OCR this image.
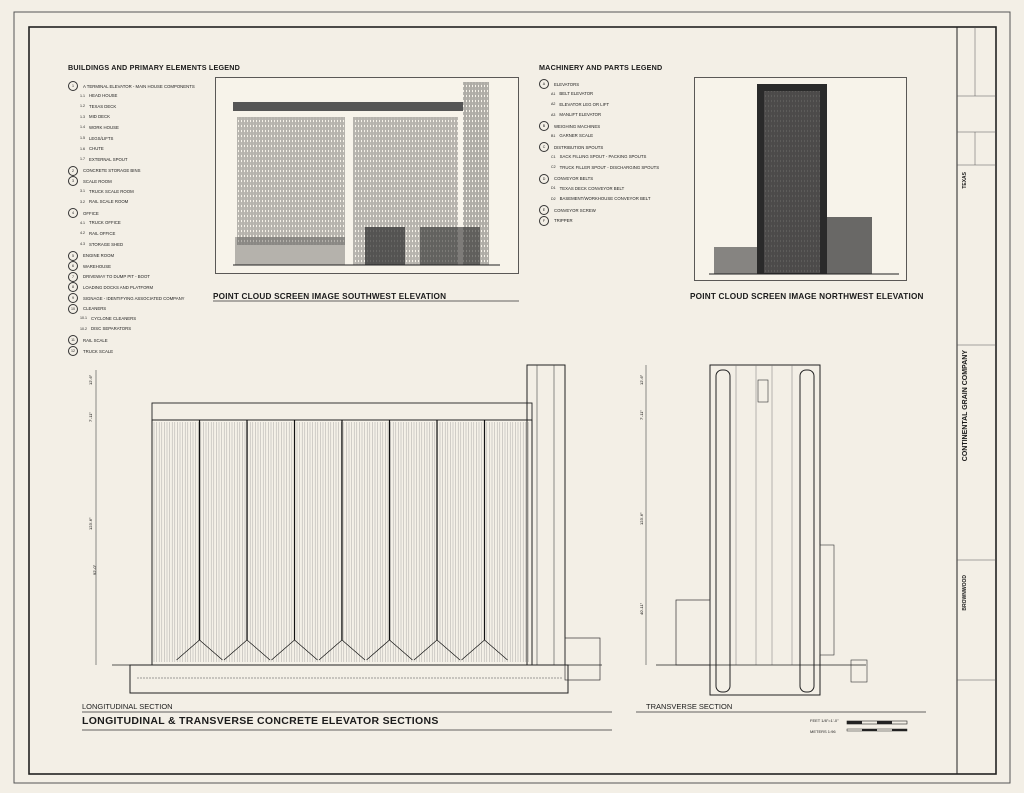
BUILDINGS AND PRIMARY ELEMENTS LEGEND
1	A TERMINAL ELEVATOR - MAIN HOUSE COMPONENTS
1.1 HEAD HOUSE
1.2 TEXAS DECK
1.3 MID DECK
1.4 WORK HOUSE
1.5 LEGS/LIFTS
1.6 CHUTE
1.7 EXTERNAL SPOUT
2	CONCRETE STORAGE BINS
3	SCALE ROOM
3.1 TRUCK SCALE ROOM
3.2 RAIL SCALE ROOM
4	OFFICE
4.1 TRUCK OFFICE
4.2 RAIL OFFICE
4.3 STORAGE SHED
5	ENGINE ROOM
6	WAREHOUSE
7	DRIVEWAY TO DUMP PIT - BOOT
8	LOADING DOCKS AND PLATFORM
9	SIGNAGE - IDENTIFYING ASSOCIATED COMPANY
10	CLEANERS
10.1 CYCLONE CLEANERS
10.2 DISC SEPARATORS
11	RAIL SCALE
12	TRUCK SCALE
MACHINERY AND PARTS LEGEND
A	ELEVATORS
A1 BELT ELEVATOR
A2 ELEVATOR LEG OR LIFT
A3 MANLIFT ELEVATOR
B	WEIGHING MACHINES
B1 GARNER SCALE
C	DISTRIBUTION SPOUTS
C1 SACK FILLING SPOUT - PACKING SPOUTS
C2 TRUCK FILLER SPOUT - DISCHARGING SPOUTS
D	CONVEYOR BELTS
D1 TEXAS DECK CONVEYOR BELT
D2 BASEMENT/WORKHOUSE CONVEYOR BELT
E	CONVEYOR SCREW
F	TRIPPER
POINT CLOUD SCREEN IMAGE SOUTHWEST ELEVATION	POINT CLOUD SCREEN IMAGE NORTHWEST ELEVATION
12'-6"
7'-11"
123'-6"
92'-0"
LONGITUDINAL SECTION
LONGITUDINAL & TRANSVERSE CONCRETE ELEVATOR SECTIONS
12'-6"
7'-11"
123'-6"
40'-11"
TRANSVERSE SECTION
FEET 1/8"=1'-0"
METERS 1:96
CONTINENTAL GRAIN COMPANY
BROWNWOOD
TEXAS
